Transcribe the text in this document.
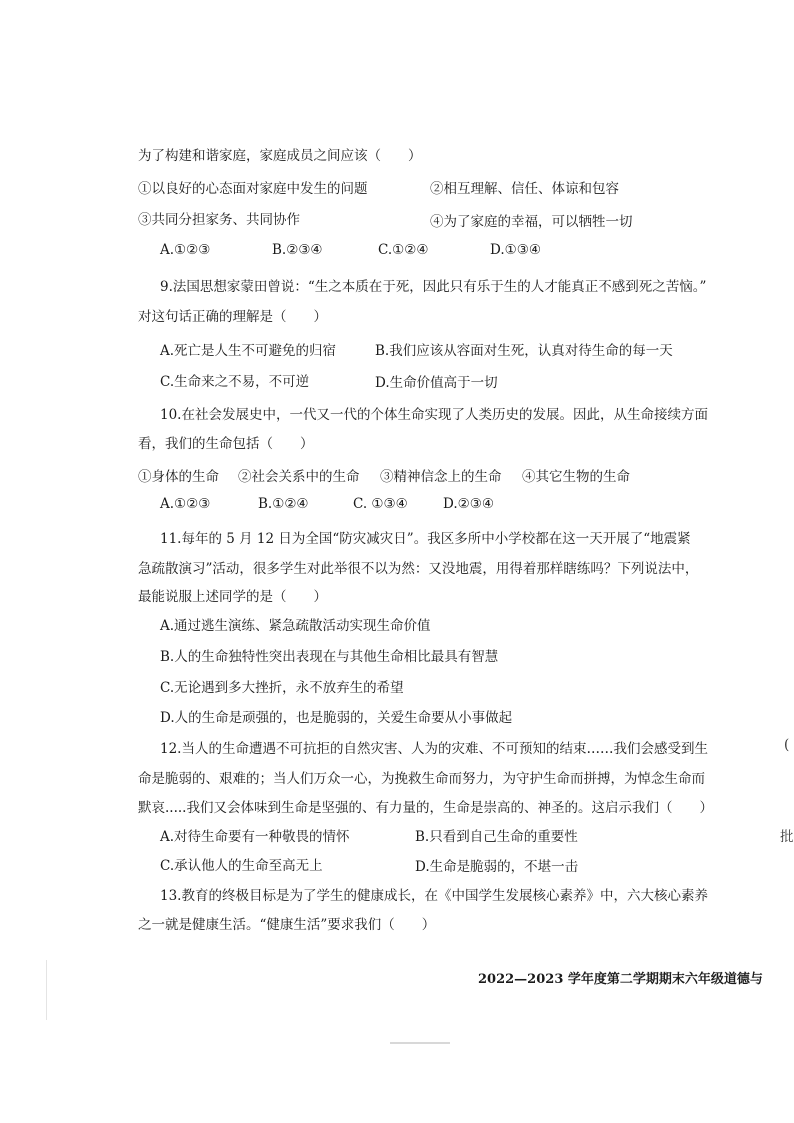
为了构建和谐家庭，家庭成员之间应该（　　）
①以良好的心态面对家庭中发生的问题	②相互理解、信任、体谅和包容
③共同分担家务、共同协作	④为了家庭的幸福，可以牺牲一切
A.①②③	B.②③④	C.①②④	D.①③④
9.法国思想家蒙田曾说：“生之本质在于死，因此只有乐于生的人才能真正不感到死之苦恼。”
对这句话正确的理解是（　　）
A.死亡是人生不可避免的归宿	B.我们应该从容面对生死，认真对待生命的每一天
C.生命来之不易，不可逆	D.生命价值高于一切
10.在社会发展史中，一代又一代的个体生命实现了人类历史的发展。因此，从生命接续方面
看，我们的生命包括（　　）
①身体的生命 ②社会关系中的生命 ③精神信念上的生命 ④其它生物的生命
A.①②③	B.①②④	C. ①③④	D.②③④
11.每年的 5 月 12 日为全国“防灾减灾日”。我区多所中小学校都在这一天开展了“地震紧
急疏散演习”活动，很多学生对此举很不以为然：又没地震，用得着那样瞎练吗？下列说法中，
最能说服上述同学的是（　　）
A.通过逃生演练、紧急疏散活动实现生命价值
B.人的生命独特性突出表现在与其他生命相比最具有智慧
C.无论遇到多大挫折，永不放弃生的希望
D.人的生命是顽强的，也是脆弱的，关爱生命要从小事做起
12.当人的生命遭遇不可抗拒的自然灾害、人为的灾难、不可预知的结束……我们会感受到生
命是脆弱的、艰难的；当人们万众一心，为挽救生命而努力，为守护生命而拼搏，为悼念生命而
默哀.....我们又会体味到生命是坚强的、有力量的，生命是崇高的、神圣的。这启示我们（　　）
A.对待生命要有一种敬畏的情怀	B.只看到自己生命的重要性
C.承认他人的生命至高无上	D.生命是脆弱的，不堪一击
13.教育的终极目标是为了学生的健康成长，在《中国学生发展核心素养》中，六大核心素养
之一就是健康生活。“健康生活”要求我们（　　）
(
批
2022—2023 学年度第二学期期末六年级道德与
